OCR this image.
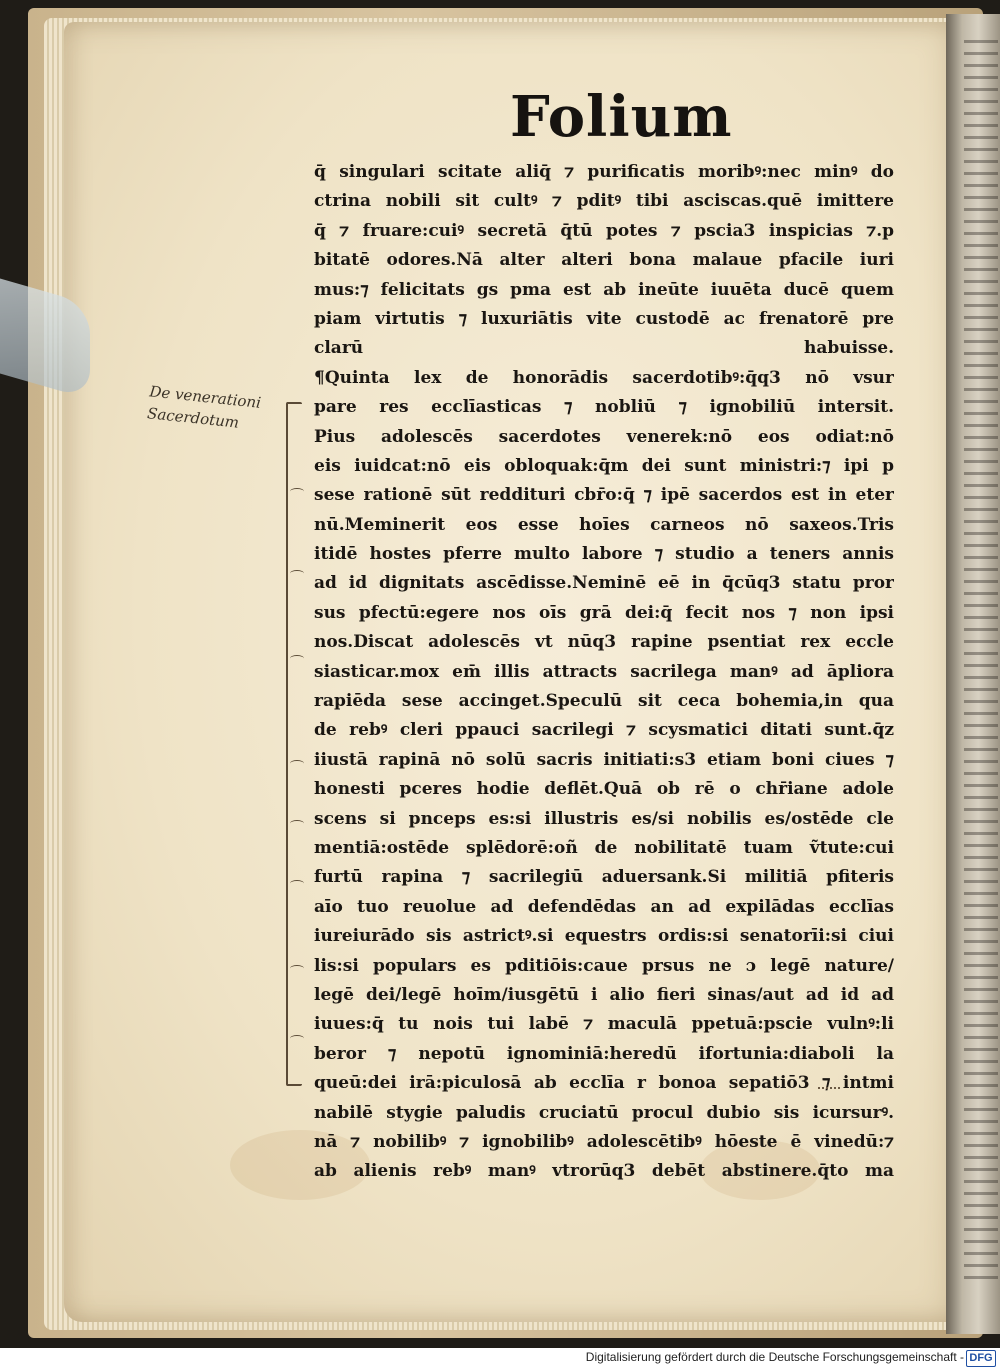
Folium
De venerationi
Sacerdotum
q̄ singulari scitate aliq̄ ⁊ purificatis moribꝰ:nec minꝰ do
ctrina nobili sit cultꝰ ⁊ pditꝰ tibi asciscas.quē imittere
q̄ ⁊ fruare:cuiꝰ secretā q̄tū potes ⁊ pscia3 inspicias ⁊.p
bitatē odores.Nā alter alteri bona malaue pfacile iuri
mus:⁊ felicitats gs pma est ab ineūte iuuēta ducē quem
piam virtutis ⁊ luxuriātis vite custodē ac frenatorē pre
clarū habuisse.
¶Quinta lex de honorādis sacerdotibꝰ:q̄q3 nō vsur
pare res ecclīasticas ⁊ nobliū ⁊ ignobiliū intersit.
Pius adolescēs sacerdotes venerek:nō eos odiat:nō
eis iuidcat:nō eis obloquak:q̄m dei sunt ministri:⁊ ipi p
sese rationē sūt reddituri cbr̄o:q̄ ⁊ ipē sacerdos est in eter
nū.Meminerit eos esse hoīes carneos nō saxeos.Tris
itidē hostes pferre multo labore ⁊ studio a teners annis
ad id dignitats ascēdisse.Neminē eē in q̄cūq3 statu pror
sus pfectū:egere nos oīs grā dei:q̄ fecit nos ⁊ non ipsi
nos.Discat adolescēs vt nūq3 rapine psentiat rex eccle
siasticar.mox em̄ illis attracts sacrilega manꝰ ad āpliora
rapiēda sese accinget.Speculū sit ceca bohemia,in qua
de rebꝰ cleri ppauci sacrilegi ⁊ scysmatici ditati sunt.q̄z
iiustā rapinā nō solū sacris initiati:s3 etiam boni ciues ⁊
honesti pceres hodie deflēt.Quā ob rē o chr̄iane adole
scens si pnceps es:si illustris es/si nobilis es/ostēde cle
mentiā:ostēde splēdorē:oñ de nobilitatē tuam ṽtute:cui
furtū rapina ⁊ sacrilegiū aduersank.Si militiā pfiteris
aīo tuo reuolue ad defendēdas an ad expilādas ecclīas
iureiurādo sis astrictꝰ.si equestrs ordis:si senatorīi:si ciui
lis:si populars es pditiōis:caue prsus ne ɔ legē nature/
legē dei/legē hoīm/iusgētū i alio fieri sinas/aut ad id ad
iuues:q̄ tu nois tui labē ⁊ maculā ppetuā:pscie vulnꝰ:li
beror ⁊ nepotū ignominiā:heredū ifortunia:diaboli la
queū:dei irā:piculosā ab ecclīa r bonoa sepatiō3 ⁊ intmi
nabilē stygie paludis cruciatū procul dubio sis icursurꝰ.
nā ⁊ nobilibꝰ ⁊ ignobilibꝰ adolescētibꝰ hōeste ē vinedū:⁊
ab alienis rebꝰ manꝰ vtrorūq3 debēt abstinere.q̄to ma
Digitalisierung gefördert durch die Deutsche Forschungsgemeinschaft - DFG
